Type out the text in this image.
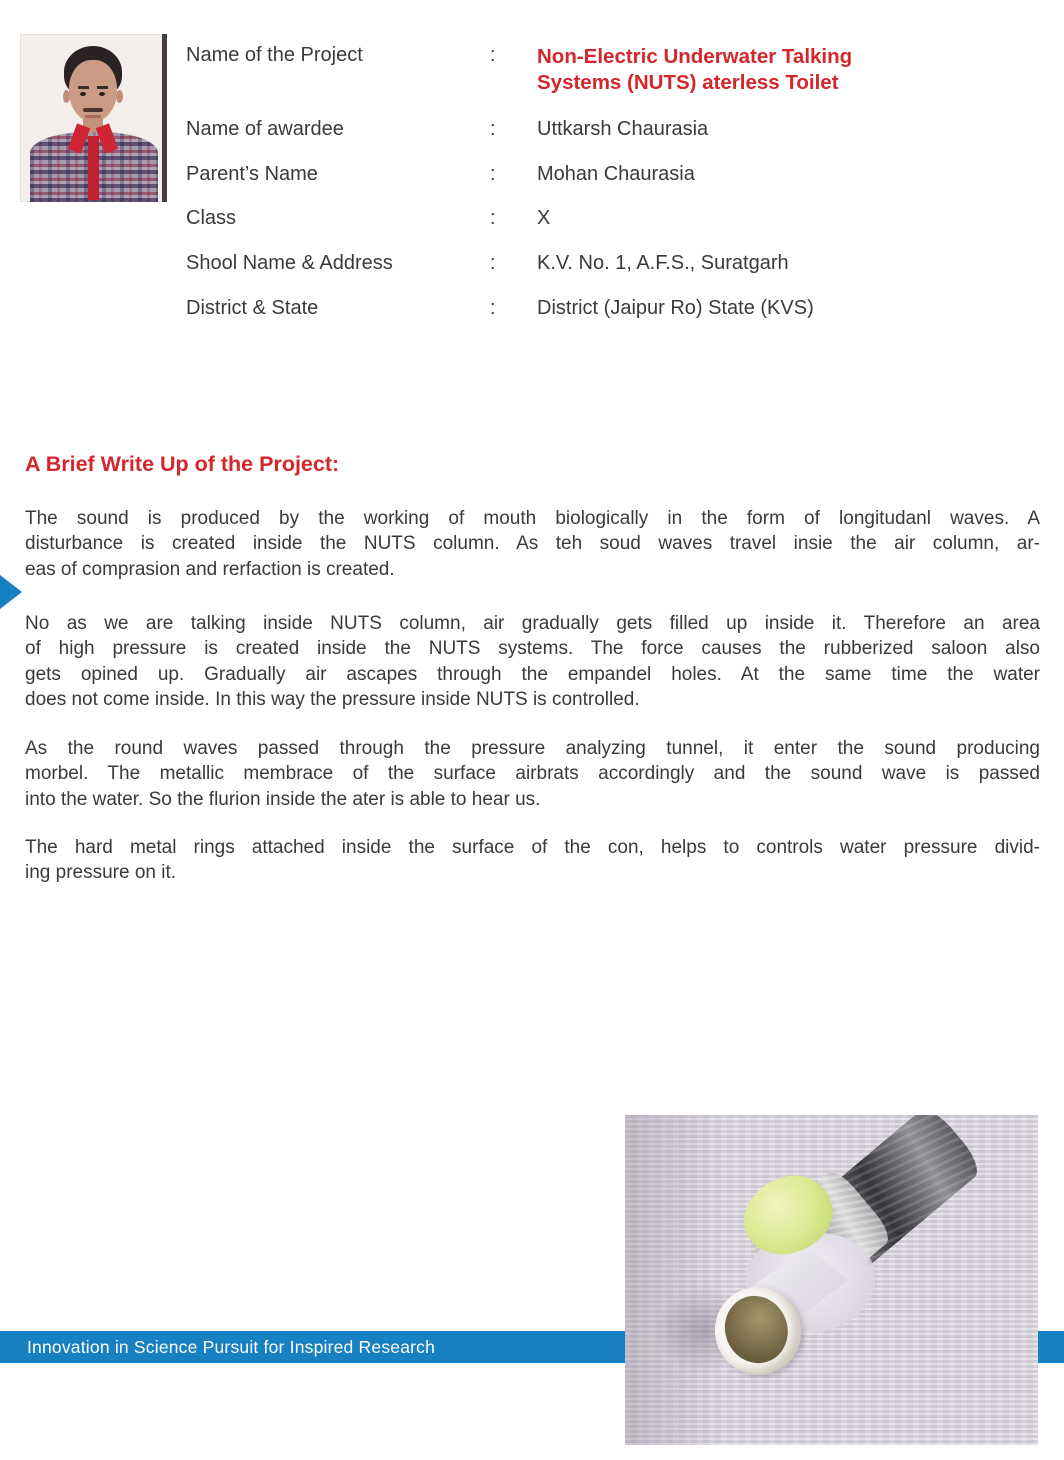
Name of the Project	: Non-Electric Underwater Talking
Systems (NUTS) aterless Toilet
Name of awardee	: Uttkarsh Chaurasia
Parent’s Name	: Mohan Chaurasia
Class	: X
Shool Name & Address	: K.V. No. 1, A.F.S., Suratgarh
District & State	: District (Jaipur Ro) State (KVS)
A Brief Write Up of the Project:
The sound is produced by the working of mouth biologically in the form of longitudanl waves. A
disturbance is created inside the NUTS column. As teh soud waves travel insie the air column, ar-
eas of comprasion and rerfaction is created.
No as we are talking inside NUTS column, air gradually gets filled up inside it. Therefore an area
of high pressure is created inside the NUTS systems. The force causes the rubberized saloon also
gets opined up. Gradually air ascapes through the empandel holes. At the same time the water
does not come inside. In this way the pressure inside NUTS is controlled.
As the round waves passed through the pressure analyzing tunnel, it enter the sound producing
morbel. The metallic membrace of the surface airbrats accordingly and the sound wave is passed
into the water. So the flurion inside the ater is able to hear us.
The hard metal rings attached inside the surface of the con, helps to controls water pressure divid-
ing pressure on it.
Innovation in Science Pursuit for Inspired Research
